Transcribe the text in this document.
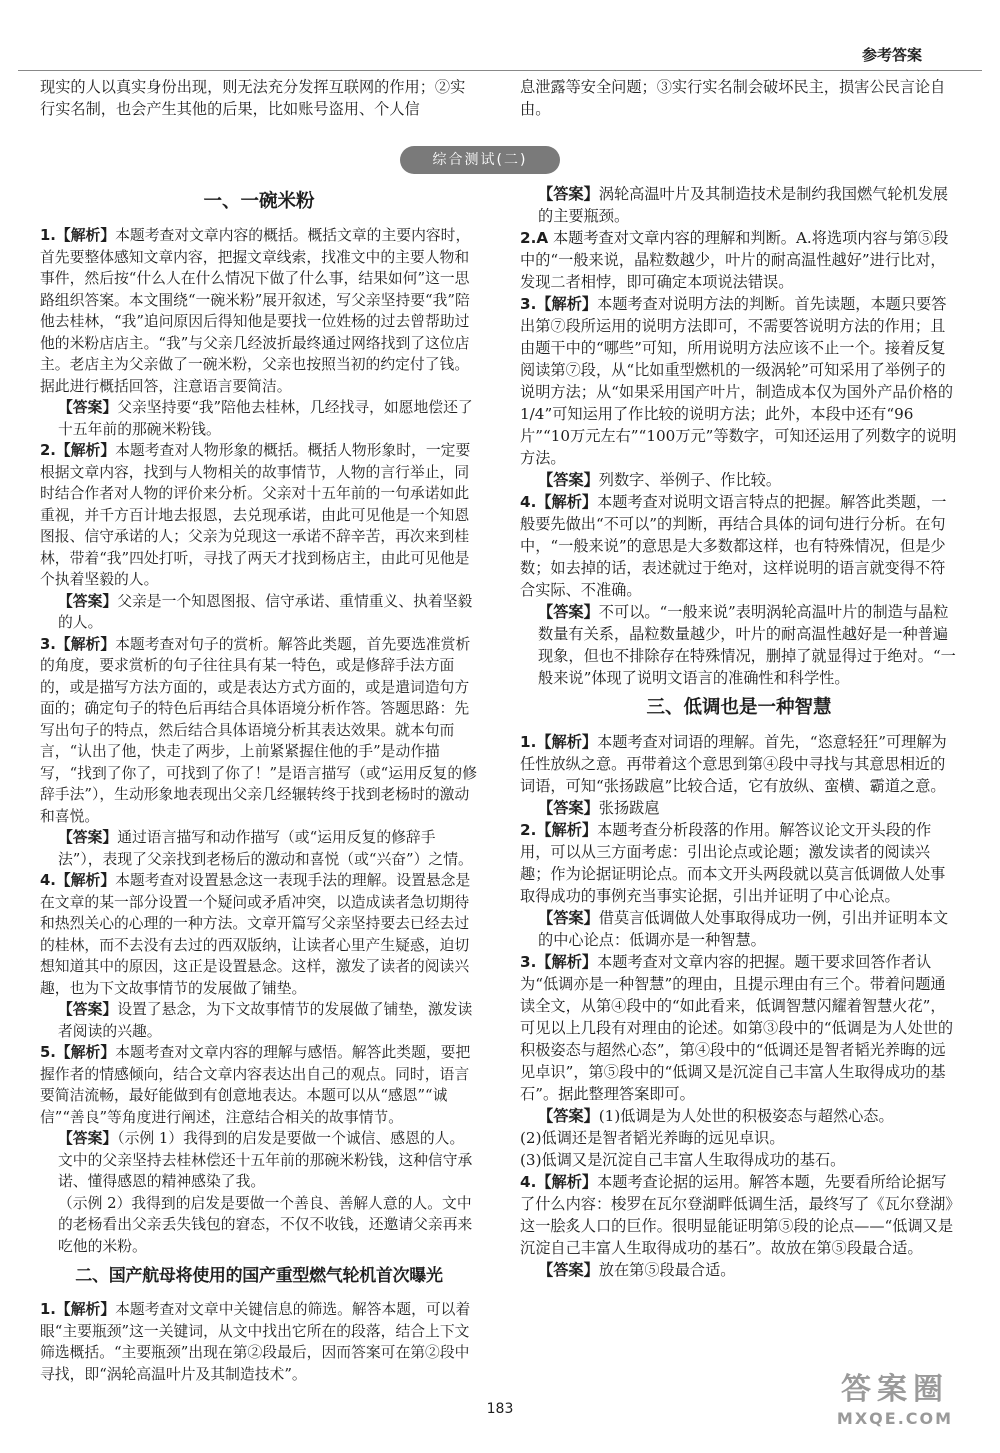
参考答案
现实的人以真实身份出现，则无法充分发挥互联网的作用；②实行实名制，也会产生其他的后果，比如账号盗用、个人信
息泄露等安全问题；③实行实名制会破坏民主，损害公民言论自由。
综合测试(二)
一、一碗米粉

1.【解析】本题考查对文章内容的概括。概括文章的主要内容时，首先要整体感知文章内容，把握文章线索，找准文中的主要人物和事件，然后按“什么人在什么情况下做了什么事，结果如何”这一思路组织答案。本文围绕“一碗米粉”展开叙述，写父亲坚持要“我”陪他去桂林，“我”追问原因后得知他是要找一位姓杨的过去曾帮助过他的米粉店店主。“我”与父亲几经波折最终通过网络找到了这位店主。老店主为父亲做了一碗米粉，父亲也按照当初的约定付了钱。据此进行概括回答，注意语言要简洁。

【答案】父亲坚持要“我”陪他去桂林，几经找寻，如愿地偿还了十五年前的那碗米粉钱。

2.【解析】本题考查对人物形象的概括。概括人物形象时，一定要根据文章内容，找到与人物相关的故事情节，人物的言行举止，同时结合作者对人物的评价来分析。父亲对十五年前的一句承诺如此重视，并千方百计地去报恩，去兑现承诺，由此可见他是一个知恩图报、信守承诺的人；父亲为兑现这一承诺不辞辛苦，再次来到桂林，带着“我”四处打听，寻找了两天才找到杨店主，由此可见他是个执着坚毅的人。

【答案】父亲是一个知恩图报、信守承诺、重情重义、执着坚毅的人。

3.【解析】本题考查对句子的赏析。解答此类题，首先要选准赏析的角度，要求赏析的句子往往具有某一特色，或是修辞手法方面的，或是描写方法方面的，或是表达方式方面的，或是遣词造句方面的；确定句子的特色后再结合具体语境分析作答。答题思路：先写出句子的特点，然后结合具体语境分析其表达效果。就本句而言，“认出了他，快走了两步，上前紧紧握住他的手”是动作描写，“找到了你了，可找到了你了！”是语言描写（或“运用反复的修辞手法”），生动形象地表现出父亲几经辗转终于找到老杨时的激动和喜悦。

【答案】通过语言描写和动作描写（或“运用反复的修辞手法”），表现了父亲找到老杨后的激动和喜悦（或“兴奋”）之情。

4.【解析】本题考查对设置悬念这一表现手法的理解。设置悬念是在文章的某一部分设置一个疑问或矛盾冲突，以造成读者急切期待和热烈关心的心理的一种方法。文章开篇写父亲坚持要去已经去过的桂林，而不去没有去过的西双版纳，让读者心里产生疑惑，迫切想知道其中的原因，这正是设置悬念。这样，激发了读者的阅读兴趣，也为下文故事情节的发展做了铺垫。

【答案】设置了悬念，为下文故事情节的发展做了铺垫，激发读者阅读的兴趣。

5.【解析】本题考查对文章内容的理解与感悟。解答此类题，要把握作者的情感倾向，结合文章内容表达出自己的观点。同时，语言要简洁流畅，最好能做到有创意地表达。本题可以从“感恩”“诚信”“善良”等角度进行阐述，注意结合相关的故事情节。

【答案】（示例 1）我得到的启发是要做一个诚信、感恩的人。文中的父亲坚持去桂林偿还十五年前的那碗米粉钱，这种信守承诺、懂得感恩的精神感染了我。

（示例 2）我得到的启发是要做一个善良、善解人意的人。文中的老杨看出父亲丢失钱包的窘态，不仅不收钱，还邀请父亲再来吃他的米粉。

二、国产航母将使用的国产重型燃气轮机首次曝光

1.【解析】本题考查对文章中关键信息的筛选。解答本题，可以着眼“主要瓶颈”这一关键词，从文中找出它所在的段落，结合上下文筛选概括。“主要瓶颈”出现在第②段最后，因而答案可在第②段中寻找，即“涡轮高温叶片及其制造技术”。

【答案】涡轮高温叶片及其制造技术是制约我国燃气轮机发展的主要瓶颈。

2.A 本题考查对文章内容的理解和判断。A.将选项内容与第⑤段中的“一般来说，晶粒数越少，叶片的耐高温性越好”进行比对，发现二者相悖，即可确定本项说法错误。

3.【解析】本题考查对说明方法的判断。首先读题，本题只要答出第⑦段所运用的说明方法即可，不需要答说明方法的作用；且由题干中的“哪些”可知，所用说明方法应该不止一个。接着反复阅读第⑦段，从“比如重型燃机的一级涡轮”可知采用了举例子的说明方法；从“如果采用国产叶片，制造成本仅为国外产品价格的1/4”可知运用了作比较的说明方法；此外，本段中还有“96片”“10万元左右”“100万元”等数字，可知还运用了列数字的说明方法。

【答案】列数字、举例子、作比较。

4.【解析】本题考查对说明文语言特点的把握。解答此类题，一般要先做出“不可以”的判断，再结合具体的词句进行分析。在句中，“一般来说”的意思是大多数都这样，也有特殊情况，但是少数；如去掉的话，表述就过于绝对，这样说明的语言就变得不符合实际、不准确。

【答案】不可以。“一般来说”表明涡轮高温叶片的制造与晶粒数量有关系，晶粒数量越少，叶片的耐高温性越好是一种普遍现象，但也不排除存在特殊情况，删掉了就显得过于绝对。“一般来说”体现了说明文语言的准确性和科学性。

三、低调也是一种智慧

1.【解析】本题考查对词语的理解。首先，“恣意轻狂”可理解为任性放纵之意。再带着这个意思到第④段中寻找与其意思相近的词语，可知“张扬跋扈”比较合适，它有放纵、蛮横、霸道之意。

【答案】张扬跋扈

2.【解析】本题考查分析段落的作用。解答议论文开头段的作用，可以从三方面考虑：引出论点或论题；激发读者的阅读兴趣；作为论据证明论点。而本文开头两段就以莫言低调做人处事取得成功的事例充当事实论据，引出并证明了中心论点。

【答案】借莫言低调做人处事取得成功一例，引出并证明本文的中心论点：低调亦是一种智慧。

3.【解析】本题考查对文章内容的把握。题干要求回答作者认为“低调亦是一种智慧”的理由，且提示理由有三个。带着问题通读全文，从第④段中的“如此看来，低调智慧闪耀着智慧火花”，可见以上几段有对理由的论述。如第③段中的“低调是为人处世的积极姿态与超然心态”，第④段中的“低调还是智者韬光养晦的远见卓识”，第⑤段中的“低调又是沉淀自己丰富人生取得成功的基石”。据此整理答案即可。

【答案】(1)低调是为人处世的积极姿态与超然心态。

(2)低调还是智者韬光养晦的远见卓识。

(3)低调又是沉淀自己丰富人生取得成功的基石。

4.【解析】本题考查论据的运用。解答本题，先要看所给论据写了什么内容：梭罗在瓦尔登湖畔低调生活，最终写了《瓦尔登湖》这一脍炙人口的巨作。很明显能证明第⑤段的论点——“低调又是沉淀自己丰富人生取得成功的基石”。故放在第⑤段最合适。

【答案】放在第⑤段最合适。

183
答案圈
MXQE.COM
